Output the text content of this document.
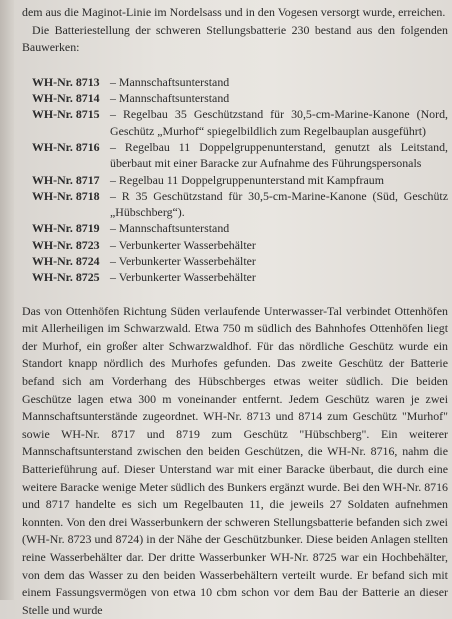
dem aus die Maginot-Linie im Nordelsass und in den Vogesen versorgt wurde, erreichen.

Die Batteriestellung der schweren Stellungsbatterie 230 bestand aus den folgenden Bauwerken:

WH-Nr. 8713 – Mannschaftsunterstand
WH-Nr. 8714 – Mannschaftsunterstand
WH-Nr. 8715 – Regelbau 35 Geschützstand für 30,5-cm-Marine-Kanone (Nord, Geschütz „Murhof“ spiegelbildlich zum Regelbauplan ausgeführt)
WH-Nr. 8716 – Regelbau 11 Doppelgruppenunterstand, genutzt als Leitstand, überbaut mit einer Baracke zur Aufnahme des Führungspersonals
WH-Nr. 8717 – Regelbau 11 Doppelgruppenunterstand mit Kampfraum
WH-Nr. 8718 – R 35 Geschützstand für 30,5-cm-Marine-Kanone (Süd, Geschütz „Hübschberg“).
WH-Nr. 8719 – Mannschaftsunterstand
WH-Nr. 8723 – Verbunkerter Wasserbehälter
WH-Nr. 8724 – Verbunkerter Wasserbehälter
WH-Nr. 8725 – Verbunkerter Wasserbehälter

Das von Ottenhöfen Richtung Süden verlaufende Unterwasser-Tal verbindet Ottenhöfen mit Allerheiligen im Schwarzwald. Etwa 750 m südlich des Bahnhofes Ottenhöfen liegt der Murhof, ein großer alter Schwarzwaldhof. Für das nördliche Geschütz wurde ein Standort knapp nördlich des Murhofes gefunden. Das zweite Geschütz der Batterie befand sich am Vorderhang des Hübschberges etwas weiter südlich. Die beiden Geschütze lagen etwa 300 m voneinander entfernt. Jedem Geschütz waren je zwei Mannschaftsunterstände zugeordnet. WH-Nr. 8713 und 8714 zum Geschütz "Murhof" sowie WH-Nr. 8717 und 8719 zum Geschütz "Hübschberg". Ein weiterer Mannschaftsunterstand zwischen den beiden Geschützen, die WH-Nr. 8716, nahm die Batterieführung auf. Dieser Unterstand war mit einer Baracke überbaut, die durch eine weitere Baracke wenige Meter südlich des Bunkers ergänzt wurde. Bei den WH-Nr. 8716 und 8717 handelte es sich um Regelbauten 11, die jeweils 27 Soldaten aufnehmen konnten. Von den drei Wasserbunkern der schweren Stellungsbatterie befanden sich zwei (WH-Nr. 8723 und 8724) in der Nähe der Geschützbunker. Diese beiden Anlagen stellten reine Wasserbehälter dar. Der dritte Wasserbunker WH-Nr. 8725 war ein Hochbehälter, von dem das Wasser zu den beiden Wasserbehältern verteilt wurde. Er befand sich mit einem Fassungsvermögen von etwa 10 cbm schon vor dem Bau der Batterie an dieser Stelle und wurde
